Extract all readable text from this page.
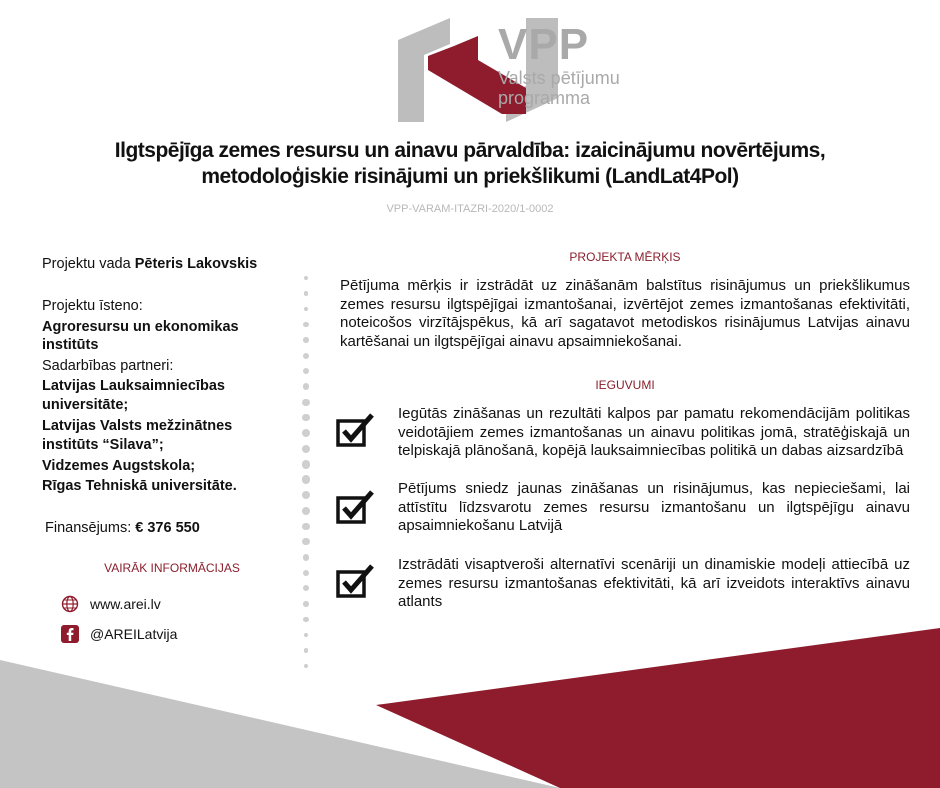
VPP
Valsts pētījumu
programma
Ilgtspējīga zemes resursu un ainavu pārvaldība: izaicinājumu novērtējums,
metodoloģiskie risinājumi un priekšlikumi (LandLat4Pol)
VPP-VARAM-ITAZRI-2020/1-0002
Projektu vada Pēteris Lakovskis
Projektu īsteno:
Agroresursu un ekonomikas
institūts
Sadarbības partneri:
Latvijas Lauksaimniecības
universitāte;
Latvijas Valsts mežzinātnes
institūts “Silava”;
Vidzemes Augstskola;
Rīgas Tehniskā universitāte.
Finansējums: € 376 550
VAIRĀK INFORMĀCIJAS
www.arei.lv
@AREILatvija
PROJEKTA MĒRĶIS
Pētījuma mērķis ir izstrādāt uz zināšanām balstītus risinājumus un priekšlikumus zemes resursu ilgtspējīgai izmantošanai, izvērtējot zemes izmantošanas efektivitāti, noteicošos virzītājspēkus, kā arī sagatavot metodiskos risinājumus Latvijas ainavu kartēšanai un ilgtspējīgai ainavu apsaimniekošanai.
IEGUVUMI
Iegūtās zināšanas un rezultāti kalpos par pamatu rekomendācijām politikas veidotājiem zemes izmantošanas un ainavu politikas jomā, stratēģiskajā un telpiskajā plānošanā, kopējā lauksaimniecības politikā un dabas aizsardzībā
Pētījums sniedz jaunas zināšanas un risinājumus, kas nepieciešami, lai attīstītu līdzsvarotu zemes resursu izmantošanu un ilgtspējīgu ainavu apsaimniekošanu Latvijā
Izstrādāti visaptveroši alternatīvi scenāriji un dinamiskie modeļi attiecībā uz zemes resursu izmantošanas efektivitāti, kā arī izveidots interaktīvs ainavu atlants
